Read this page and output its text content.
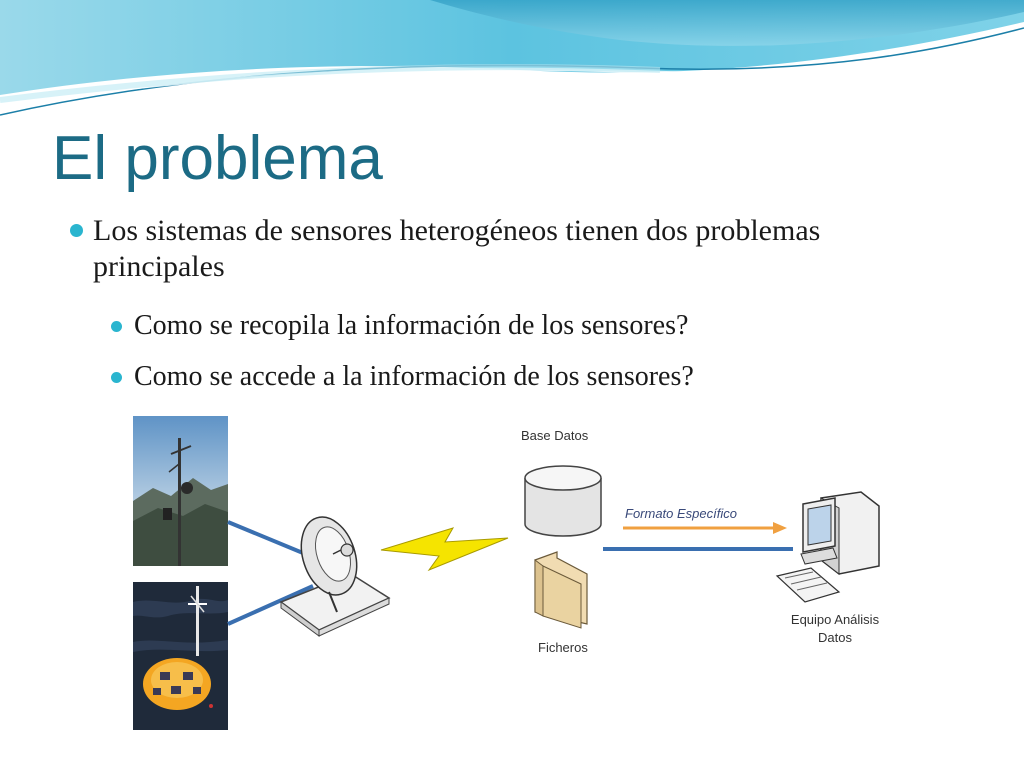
El problema
Los sistemas de sensores heterogéneos tienen dos problemas principales
Como se recopila la información de los sensores?
Como se accede a la información de los sensores?
Base Datos
Ficheros
Formato Específico
Equipo Análisis
Datos
